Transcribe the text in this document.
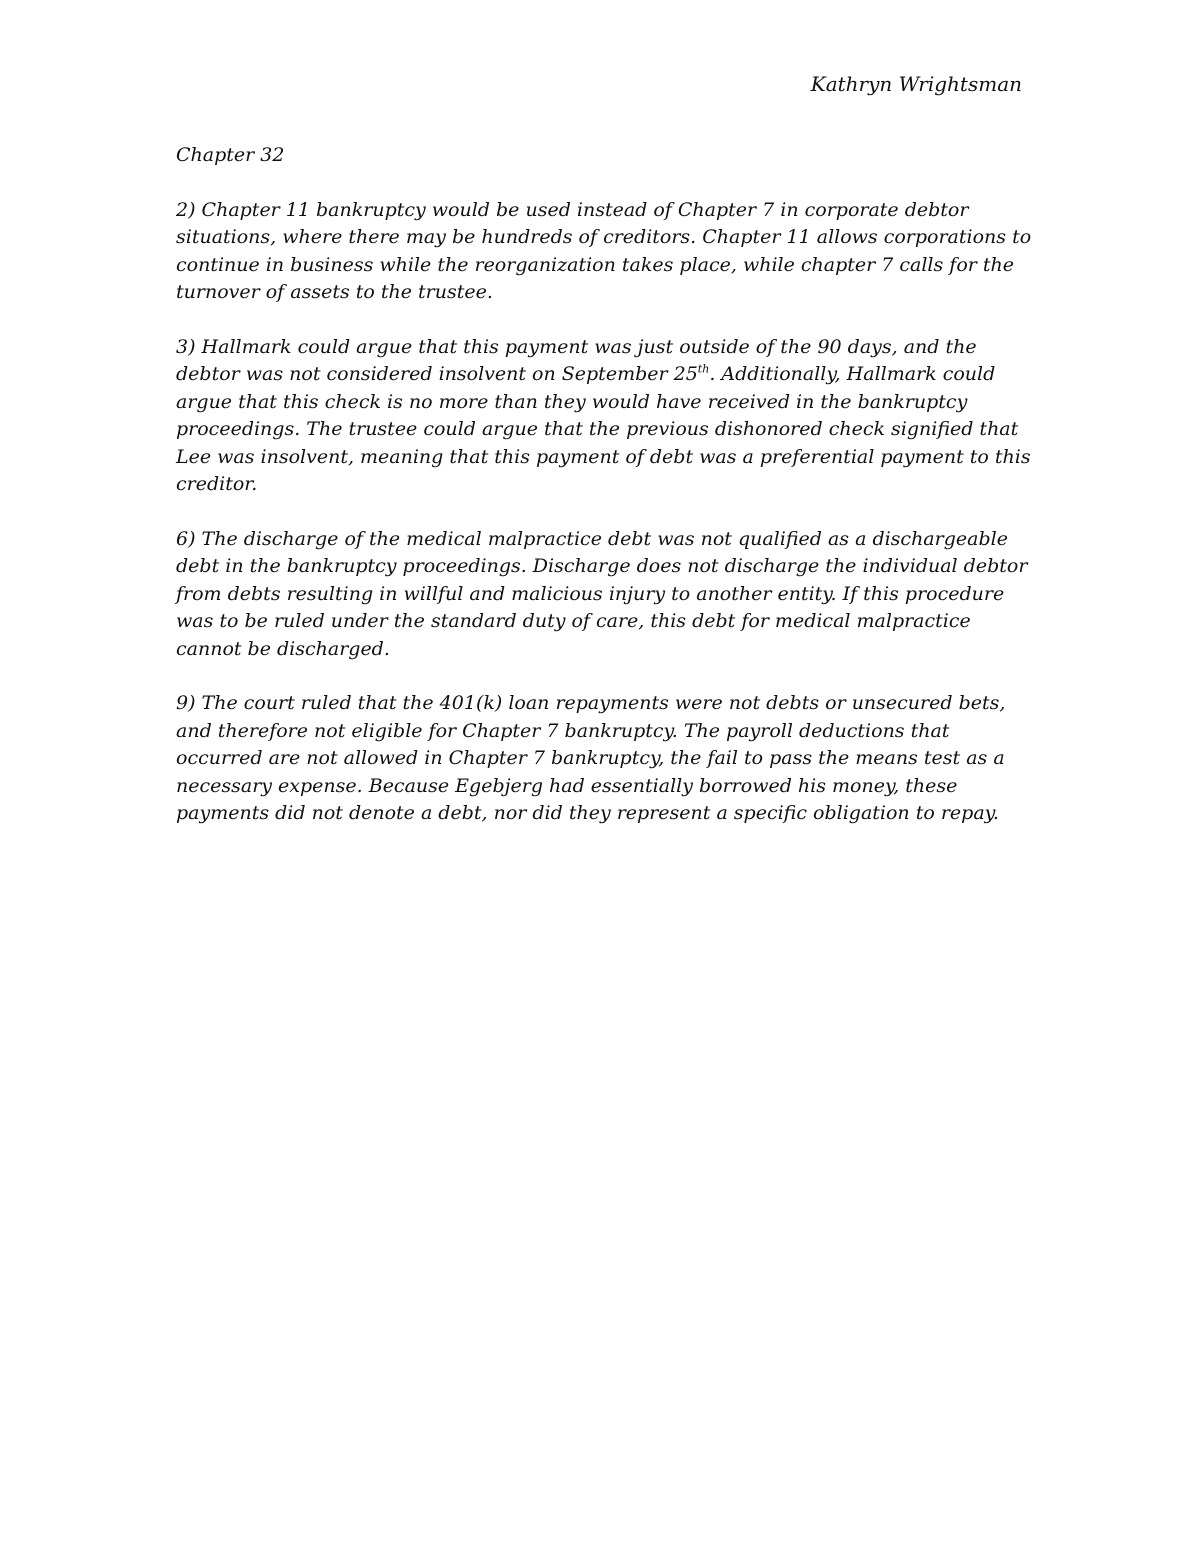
Kathryn Wrightsman

Chapter 32

2) Chapter 11 bankruptcy would be used instead of Chapter 7 in corporate debtor situations, where there may be hundreds of creditors. Chapter 11 allows corporations to continue in business while the reorganization takes place, while chapter 7 calls for the turnover of assets to the trustee.

3) Hallmark could argue that this payment was just outside of the 90 days, and the debtor was not considered insolvent on September 25th. Additionally, Hallmark could argue that this check is no more than they would have received in the bankruptcy proceedings. The trustee could argue that the previous dishonored check signified that Lee was insolvent, meaning that this payment of debt was a preferential payment to this creditor.

6) The discharge of the medical malpractice debt was not qualified as a dischargeable debt in the bankruptcy proceedings. Discharge does not discharge the individual debtor from debts resulting in willful and malicious injury to another entity. If this procedure was to be ruled under the standard duty of care, this debt for medical malpractice cannot be discharged.

9) The court ruled that the 401(k) loan repayments were not debts or unsecured bets, and therefore not eligible for Chapter 7 bankruptcy. The payroll deductions that occurred are not allowed in Chapter 7 bankruptcy, the fail to pass the means test as a necessary expense. Because Egebjerg had essentially borrowed his money, these payments did not denote a debt, nor did they represent a specific obligation to repay.
